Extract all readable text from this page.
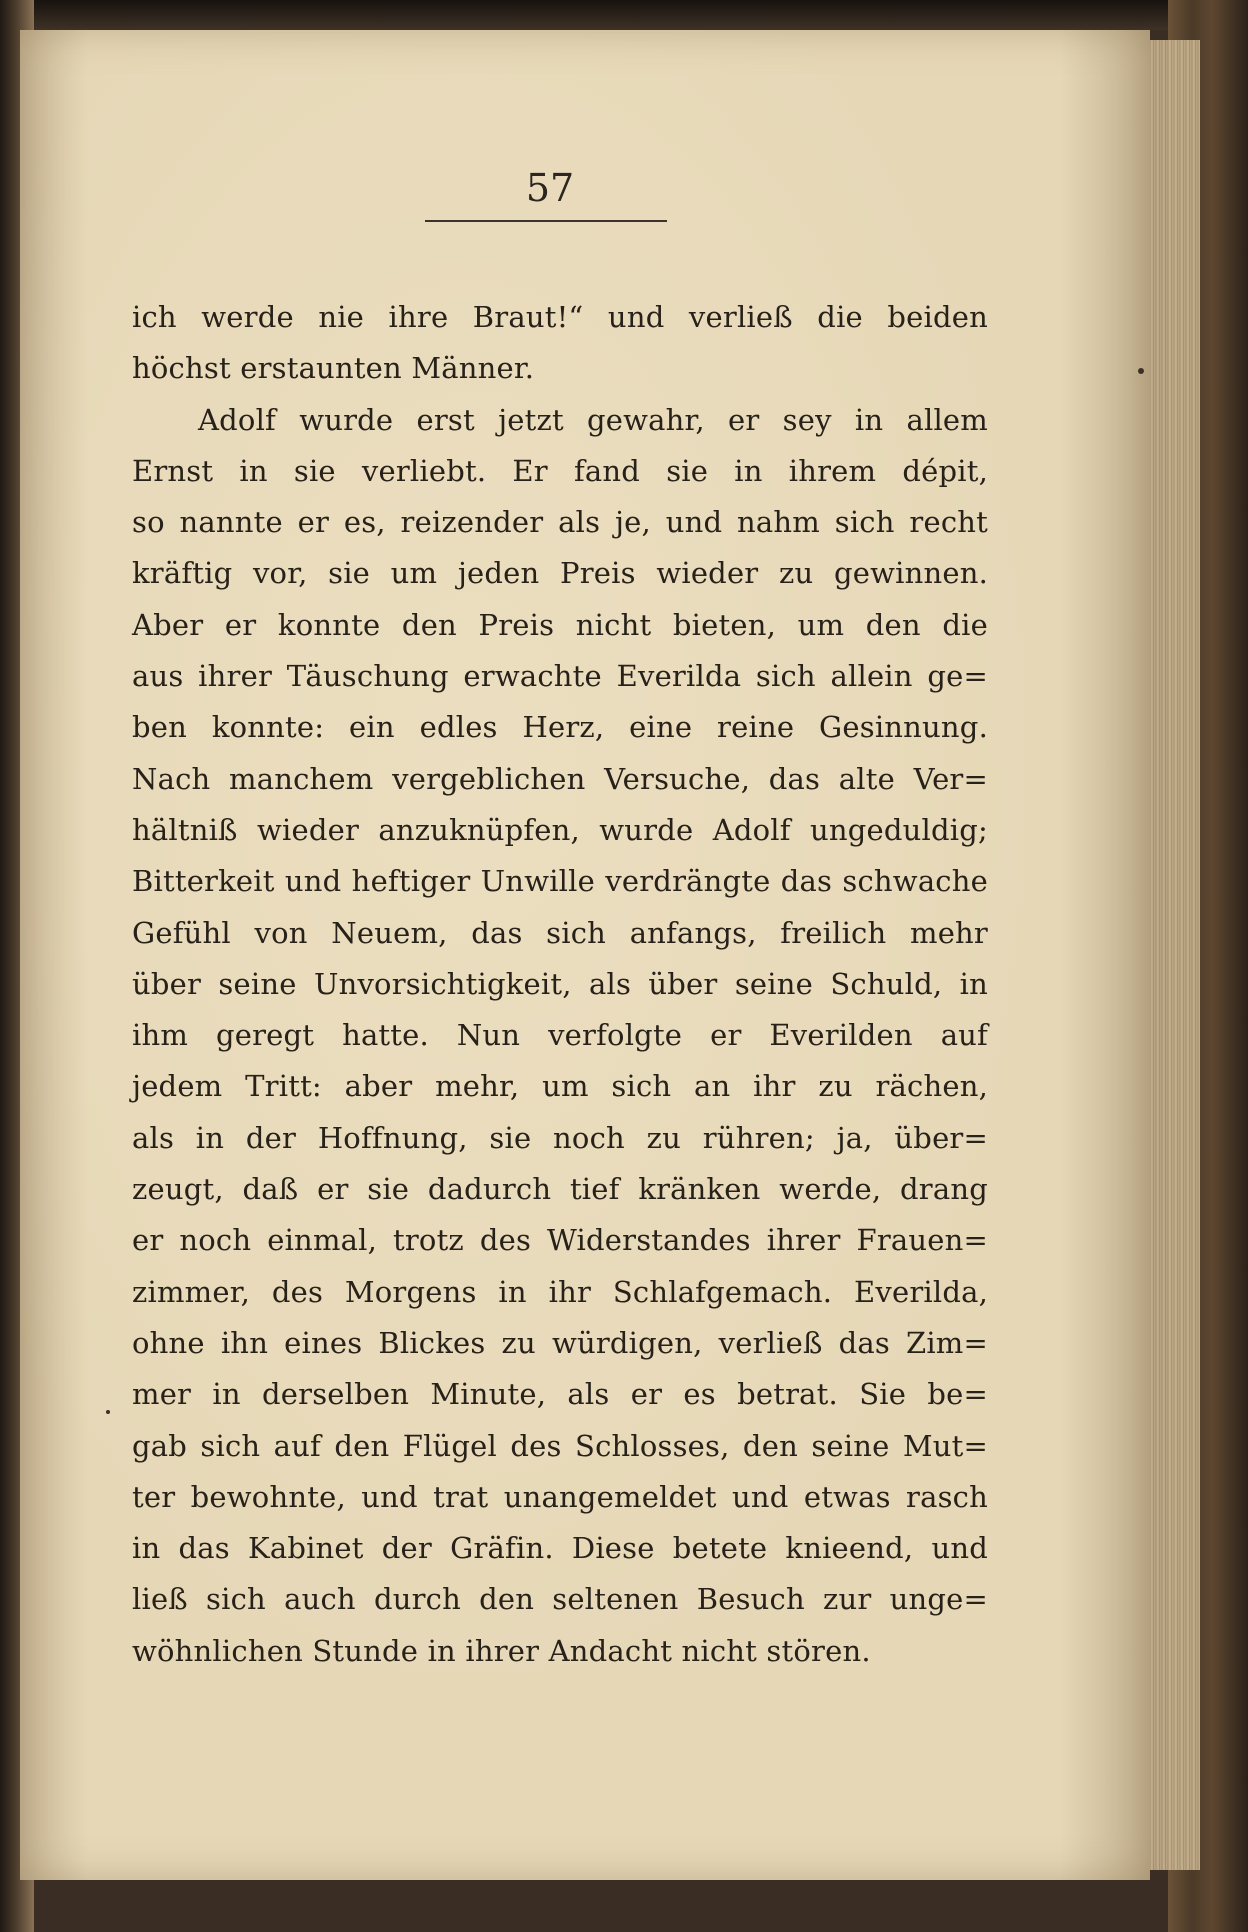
57
ich werde nie ihre Braut!“ und verließ die beiden
höchst erstaunten Männer.
Adolf wurde erst jetzt gewahr, er sey in allem
Ernst in sie verliebt. Er fand sie in ihrem dépit,
so nannte er es, reizender als je, und nahm sich recht
kräftig vor, sie um jeden Preis wieder zu gewinnen.
Aber er konnte den Preis nicht bieten, um den die
aus ihrer Täuschung erwachte Everilda sich allein ge=
ben konnte: ein edles Herz, eine reine Gesinnung.
Nach manchem vergeblichen Versuche, das alte Ver=
hältniß wieder anzuknüpfen, wurde Adolf ungeduldig;
Bitterkeit und heftiger Unwille verdrängte das schwache
Gefühl von Neuem, das sich anfangs, freilich mehr
über seine Unvorsichtigkeit, als über seine Schuld, in
ihm geregt hatte. Nun verfolgte er Everilden auf
jedem Tritt: aber mehr, um sich an ihr zu rächen,
als in der Hoffnung, sie noch zu rühren; ja, über=
zeugt, daß er sie dadurch tief kränken werde, drang
er noch einmal, trotz des Widerstandes ihrer Frauen=
zimmer, des Morgens in ihr Schlafgemach. Everilda,
ohne ihn eines Blickes zu würdigen, verließ das Zim=
mer in derselben Minute, als er es betrat. Sie be=
gab sich auf den Flügel des Schlosses, den seine Mut=
ter bewohnte, und trat unangemeldet und etwas rasch
in das Kabinet der Gräfin. Diese betete knieend, und
ließ sich auch durch den seltenen Besuch zur unge=
wöhnlichen Stunde in ihrer Andacht nicht stören.
